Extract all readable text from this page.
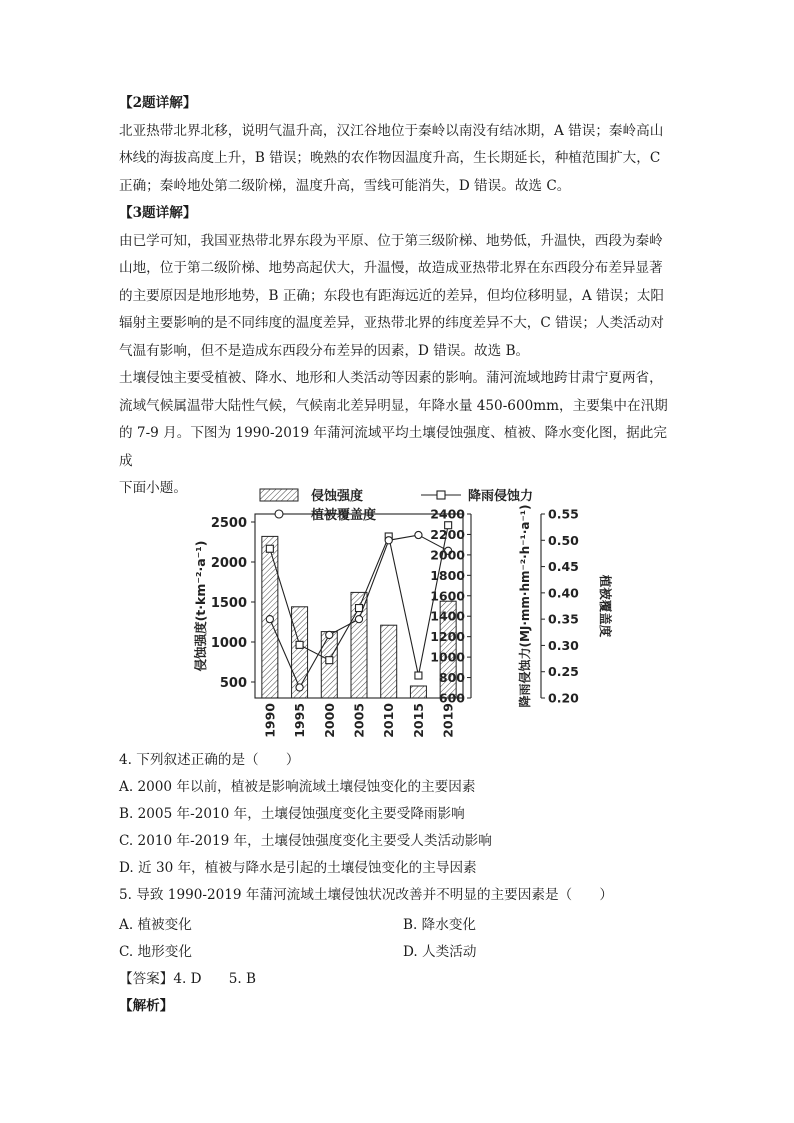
【2题详解】

北亚热带北界北移，说明气温升高，汉江谷地位于秦岭以南没有结冰期，A 错误；秦岭高山

林线的海拔高度上升，B 错误；晚熟的农作物因温度升高，生长期延长，种植范围扩大，C

正确；秦岭地处第二级阶梯，温度升高，雪线可能消失，D 错误。故选 C。

【3题详解】

由已学可知，我国亚热带北界东段为平原、位于第三级阶梯、地势低，升温快，西段为秦岭

山地，位于第二级阶梯、地势高起伏大，升温慢，故造成亚热带北界在东西段分布差异显著

的主要原因是地形地势，B 正确；东段也有距海远近的差异，但均位移明显，A 错误；太阳

辐射主要影响的是不同纬度的温度差异，亚热带北界的纬度差异不大，C 错误；人类活动对

气温有影响，但不是造成东西段分布差异的因素，D 错误。故选 B。

土壤侵蚀主要受植被、降水、地形和人类活动等因素的影响。蒲河流域地跨甘肃宁夏两省，

流域气候属温带大陆性气候，气候南北差异明显，年降水量 450-600mm，主要集中在汛期

的 7-9 月。下图为 1990-2019 年蒲河流域平均土壤侵蚀强度、植被、降水变化图，据此完成

下面小题。

500
1000
1500
2000
2500
600
800
1000
1200
1400
1600
1800
2000
2200
2400
0.20
0.25
0.30
0.35
0.40
0.45
0.50
0.55
1990 1995 2000 2005 2010 2015 2019
侵蚀强度	降雨侵蚀力
植被覆盖度
侵蚀强度(t·km⁻²·a⁻¹)	降雨侵蚀力(MJ·mm·hm⁻²·h⁻¹·a⁻¹)	植被覆盖度
4. 下列叙述正确的是（　　）
A. 2000 年以前，植被是影响流域土壤侵蚀变化的主要因素
B. 2005 年-2010 年，土壤侵蚀强度变化主要受降雨影响
C. 2010 年-2019 年，土壤侵蚀强度变化主要受人类活动影响
D. 近 30 年，植被与降水是引起的土壤侵蚀变化的主导因素
5. 导致 1990-2019 年蒲河流域土壤侵蚀状况改善并不明显的主要因素是（　　）
A. 植被变化	B. 降水变化
C. 地形变化	D. 人类活动
【答案】4. D　　5. B
【解析】
